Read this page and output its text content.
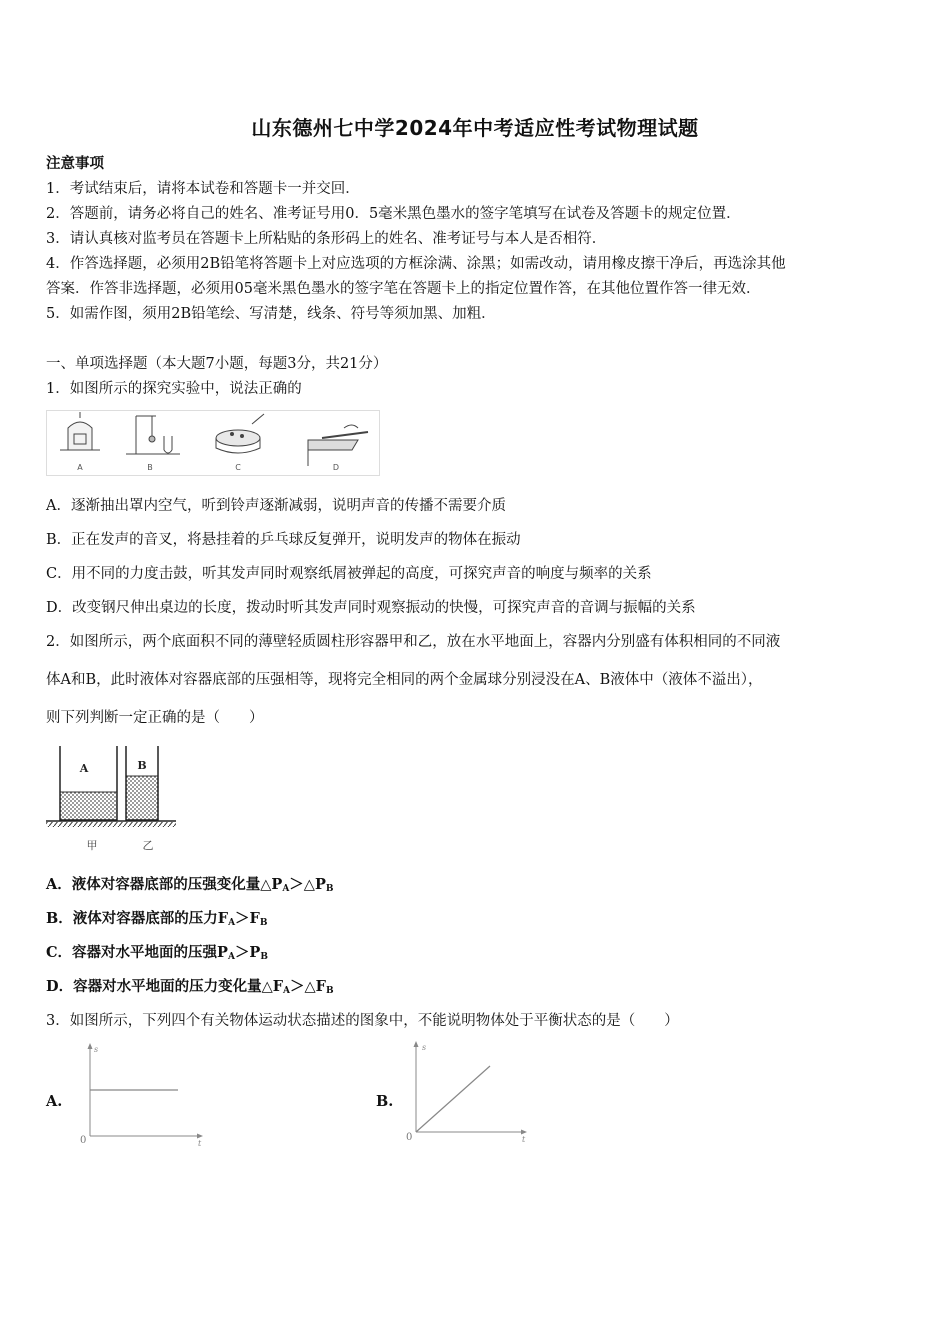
山东德州七中学2024年中考适应性考试物理试题
注意事项
1．考试结束后，请将本试卷和答题卡一并交回．
2．答题前，请务必将自己的姓名、准考证号用0．5毫米黑色墨水的签字笔填写在试卷及答题卡的规定位置．
3．请认真核对监考员在答题卡上所粘贴的条形码上的姓名、准考证号与本人是否相符．
4．作答选择题，必须用2B铅笔将答题卡上对应选项的方框涂满、涂黑；如需改动，请用橡皮擦干净后，再选涂其他
答案．作答非选择题，必须用05毫米黑色墨水的签字笔在答题卡上的指定位置作答，在其他位置作答一律无效．
5．如需作图，须用2B铅笔绘、写清楚，线条、符号等须加黑、加粗．
一、单项选择题（本大题7小题，每题3分，共21分）
1．如图所示的探究实验中，说法正确的
A	B	C	D
A．逐渐抽出罩内空气，听到铃声逐渐减弱，说明声音的传播不需要介质
B．正在发声的音叉，将悬挂着的乒乓球反复弹开，说明发声的物体在振动
C．用不同的力度击鼓，听其发声同时观察纸屑被弹起的高度，可探究声音的响度与频率的关系
D．改变钢尺伸出桌边的长度，拨动时听其发声同时观察振动的快慢，可探究声音的音调与振幅的关系
2．如图所示，两个底面积不同的薄壁轻质圆柱形容器甲和乙，放在水平地面上，容器内分别盛有体积相同的不同液
体A和B，此时液体对容器底部的压强相等，现将完全相同的两个金属球分别浸没在A、B液体中（液体不溢出），
则下列判断一定正确的是（　　）
A	B
甲	乙
A．液体对容器底部的压强变化量$\triangle P_A>\triangle P_B$
B．液体对容器底部的压力$F_A>F_B$
C．容器对水平地面的压强$P_A>P_B$
D．容器对水平地面的压力变化量$\triangle F_A>\triangle F_B$
3．如图所示，下列四个有关物体运动状态描述的图象中，不能说明物体处于平衡状态的是（　　）
A.
s
t
0
B.
s
t
0
